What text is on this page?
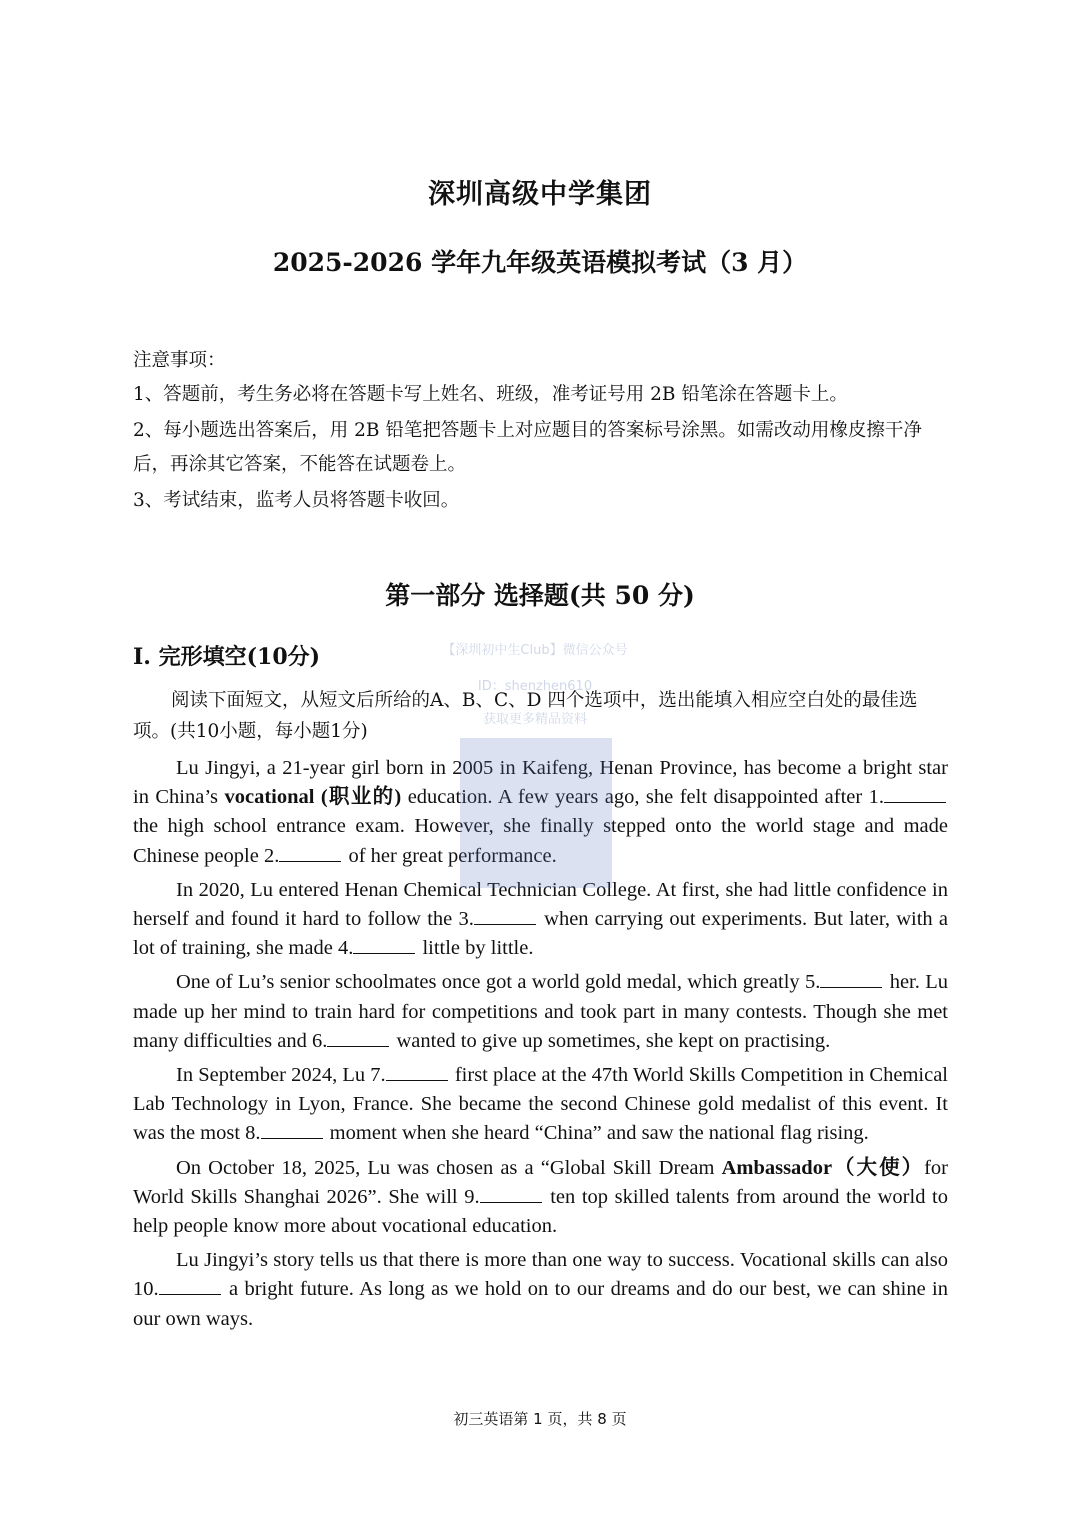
深圳高级中学集团
2025-2026 学年九年级英语模拟考试（3 月）

注意事项：

1、答题前，考生务必将在答题卡写上姓名、班级，准考证号用 2B 铅笔涂在答题卡上。

2、每小题选出答案后，用 2B 铅笔把答题卡上对应题目的答案标号涂黑。如需改动用橡皮擦干净后，再涂其它答案，不能答在试题卷上。

3、考试结束，监考人员将答题卡收回。

第一部分 选择题(共 50 分)
I. 完形填空(10分)

阅读下面短文，从短文后所给的A、B、C、D 四个选项中，选出能填入相应空白处的最佳选项。(共10小题，每小题1分)

Lu Jingyi, a 21-year girl born in 2005 in Kaifeng, Henan Province, has become a bright star in China’s vocational (职业的) education. A few years ago, she felt disappointed after 1. the high school entrance exam. However, she finally stepped onto the world stage and made Chinese people 2.	of her great performance.

In 2020, Lu entered Henan Chemical Technician College. At first, she had little confidence in herself and found it hard to follow the 3.	when carrying out experiments. But later, with a lot of training, she made 4.	little by little.

One of Lu’s senior schoolmates once got a world gold medal, which greatly 5.	her. Lu made up her mind to train hard for competitions and took part in many contests. Though she met many difficulties and 6.	wanted to give up sometimes, she kept on practising.

In September 2024, Lu 7.	first place at the 47th World Skills Competition in Chemical Lab Technology in Lyon, France. She became the second Chinese gold medalist of this event. It was the most 8.	moment when she heard “China” and saw the national flag rising.

On October 18, 2025, Lu was chosen as a “Global Skill Dream Ambassador（大使）for World Skills Shanghai 2026”. She will 9.	ten top skilled talents from around the world to help people know more about vocational education.

Lu Jingyi’s story tells us that there is more than one way to success. Vocational skills can also 10.	a bright future. As long as we hold on to our dreams and do our best, we can shine in our own ways.

初三英语第 1 页，共 8 页

【深圳初中生Club】微信公众号
ID：shenzhen610
获取更多精品资料
